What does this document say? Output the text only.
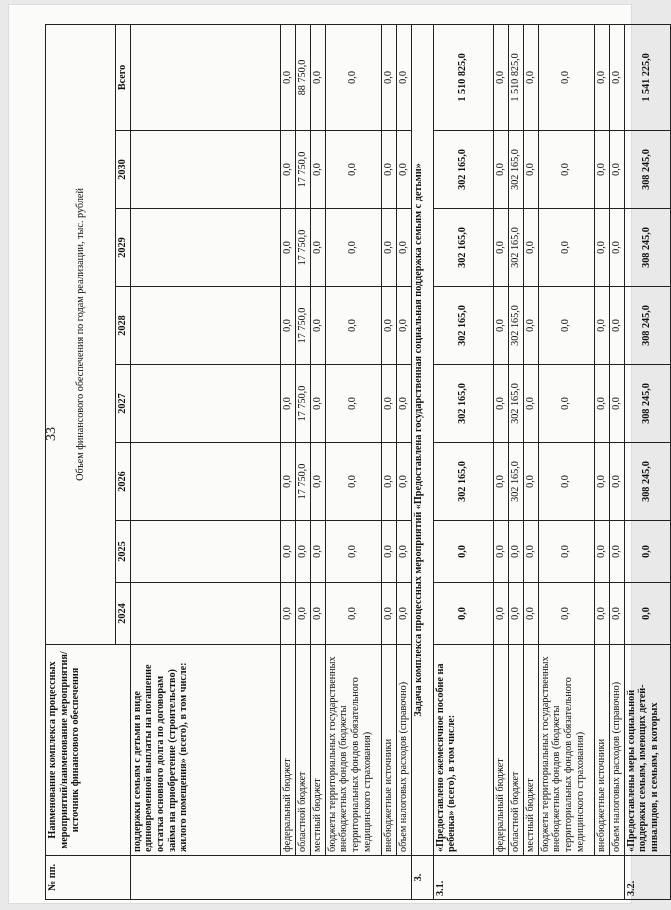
33
№ пп.	Наименование комплекса процессных мероприятий/наименование мероприятия/ источник финансового обеспечения	Объем финансового обеспечения по годам реализации, тыс. рублей							
		2024	2025	2026	2027	2028	2029	2030	Всего
	поддержки семьям с детьми в виде единовременной выплаты на погашение остатка основного долга по договорам займа на приобретение (строительство) жилого помещения» (всего), в том числе:								
	федеральный бюджет	0,0	0,0	0,0	0,0	0,0	0,0	0,0	0,0
	областной бюджет	0,0	0,0	17 750,0	17 750,0	17 750,0	17 750,0	17 750,0	88 750,0
	местный бюджет	0,0	0,0	0,0	0,0	0,0	0,0	0,0	0,0
	бюджеты территориальных государственных внебюджетных фондов (бюджеты территориальных фондов обязательного медицинского страхования)	0,0	0,0	0,0	0,0	0,0	0,0	0,0	0,0
	внебюджетные источники	0,0	0,0	0,0	0,0	0,0	0,0	0,0	0,0
	объем налоговых расходов (справочно)	0,0	0,0	0,0	0,0	0,0	0,0	0,0	0,0
3.	Задача комплекса процессных мероприятий «Предоставлена государственная социальная поддержка семьям с детьми»								
3.1.	«Предоставлено ежемесячное пособие на ребенка» (всего), в том числе:	0,0	0,0	302 165,0	302 165,0	302 165,0	302 165,0	302 165,0	1 510 825,0
	федеральный бюджет	0,0	0,0	0,0	0,0	0,0	0,0	0,0	0,0
	областной бюджет	0,0	0,0	302 165,0	302 165,0	302 165,0	302 165,0	302 165,0	1 510 825,0
	местный бюджет	0,0	0,0	0,0	0,0	0,0	0,0	0,0	0,0
	бюджеты территориальных государственных внебюджетных фондов (бюджеты территориальных фондов обязательного медицинского страхования)	0,0	0,0	0,0	0,0	0,0	0,0	0,0	0,0
	внебюджетные источники	0,0	0,0	0,0	0,0	0,0	0,0	0,0	0,0
	объем налоговых расходов (справочно)	0,0	0,0	0,0	0,0	0,0	0,0	0,0	0,0
3.2.	«Предоставлены меры социальной поддержки семьям, имеющих детей-инвалидов, и семьям, в которых	0,0	0,0	308 245,0	308 245,0	308 245,0	308 245,0	308 245,0	1 541 225,0
